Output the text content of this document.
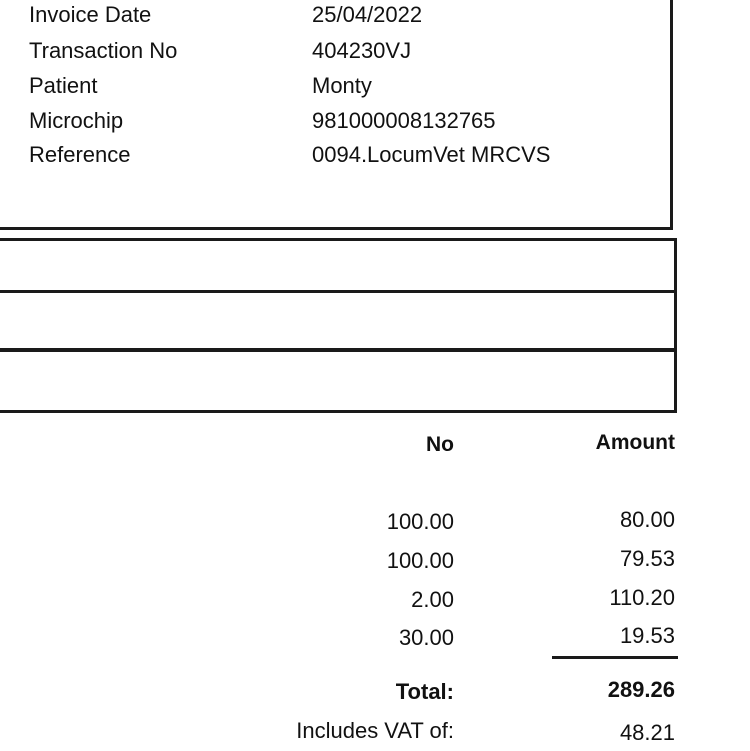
Invoice Date	25/04/2022
Transaction No	404230VJ
Patient	Monty
Microchip	981000008132765
Reference	0094.LocumVet MRCVS
No	Amount
100.00	80.00
100.00	79.53
2.00	110.20
30.00	19.53
Total:	289.26
Includes VAT of:	48.21
